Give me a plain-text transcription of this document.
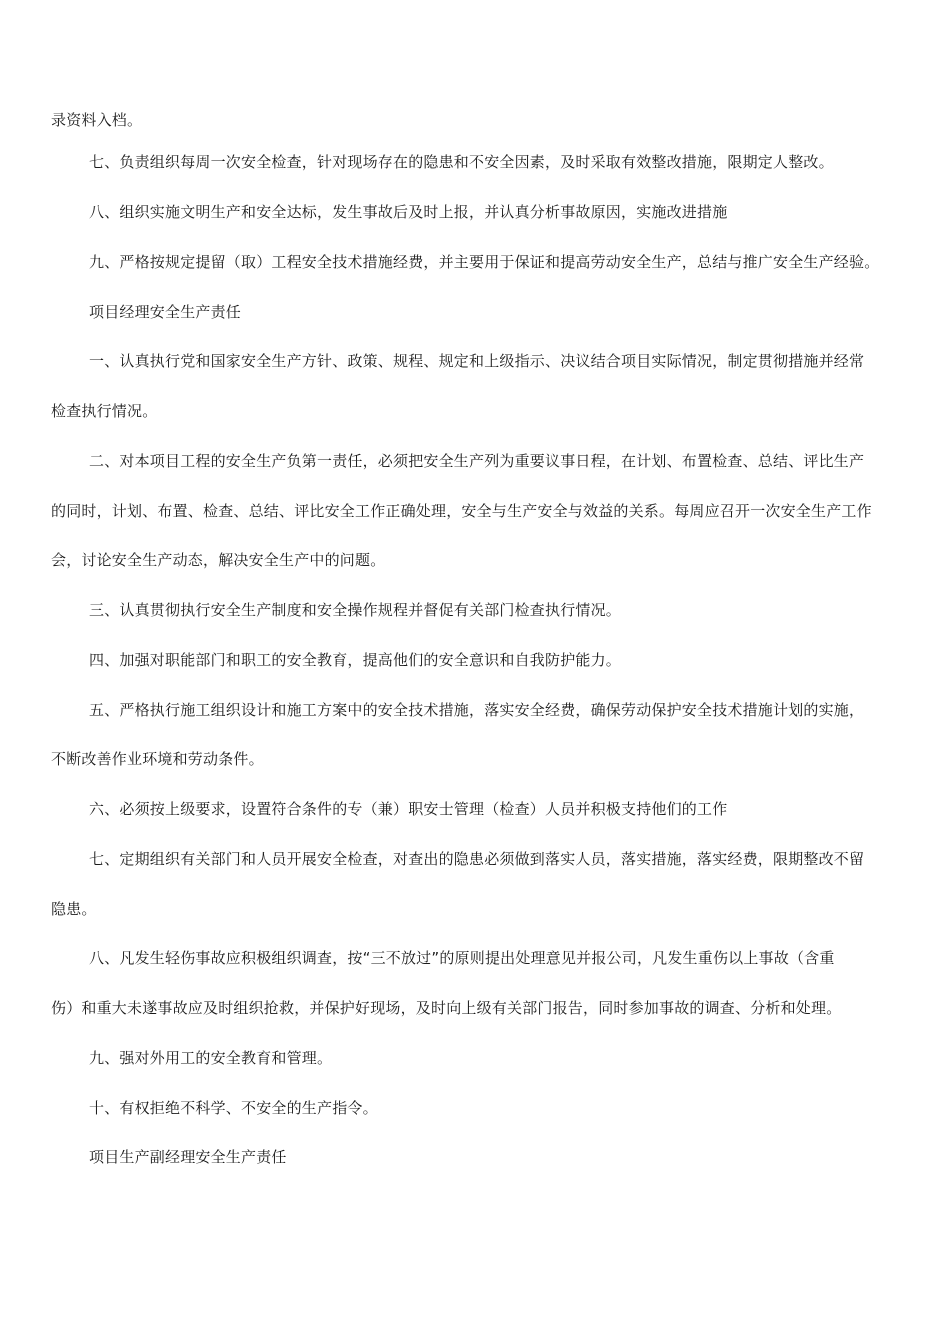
录资料入档。
七、负责组织每周一次安全检查，针对现场存在的隐患和不安全因素，及时采取有效整改措施，限期定人整改。
八、组织实施文明生产和安全达标，发生事故后及时上报，并认真分析事故原因，实施改进措施
九、严格按规定提留（取）工程安全技术措施经费，并主要用于保证和提高劳动安全生产，总结与推广安全生产经验。
项目经理安全生产责任
一、认真执行党和国家安全生产方针、政策、规程、规定和上级指示、决议结合项目实际情况，制定贯彻措施并经常
检查执行情况。
二、对本项目工程的安全生产负第一责任，必须把安全生产列为重要议事日程，在计划、布置检查、总结、评比生产
的同时，计划、布置、检查、总结、评比安全工作正确处理，安全与生产安全与效益的关系。每周应召开一次安全生产工作
会，讨论安全生产动态，解决安全生产中的问题。
三、认真贯彻执行安全生产制度和安全操作规程并督促有关部门检查执行情况。
四、加强对职能部门和职工的安全教育，提高他们的安全意识和自我防护能力。
五、严格执行施工组织设计和施工方案中的安全技术措施，落实安全经费，确保劳动保护安全技术措施计划的实施，
不断改善作业环境和劳动条件。
六、必须按上级要求，设置符合条件的专（兼）职安士管理（检查）人员并积极支持他们的工作
七、定期组织有关部门和人员开展安全检查，对查出的隐患必须做到落实人员，落实措施，落实经费，限期整改不留
隐患。
八、凡发生轻伤事故应积极组织调查，按“三不放过”的原则提出处理意见并报公司，凡发生重伤以上事故（含重
伤）和重大未遂事故应及时组织抢救，并保护好现场，及时向上级有关部门报告，同时参加事故的调查、分析和处理。
九、强对外用工的安全教育和管理。
十、有权拒绝不科学、不安全的生产指令。
项目生产副经理安全生产责任
